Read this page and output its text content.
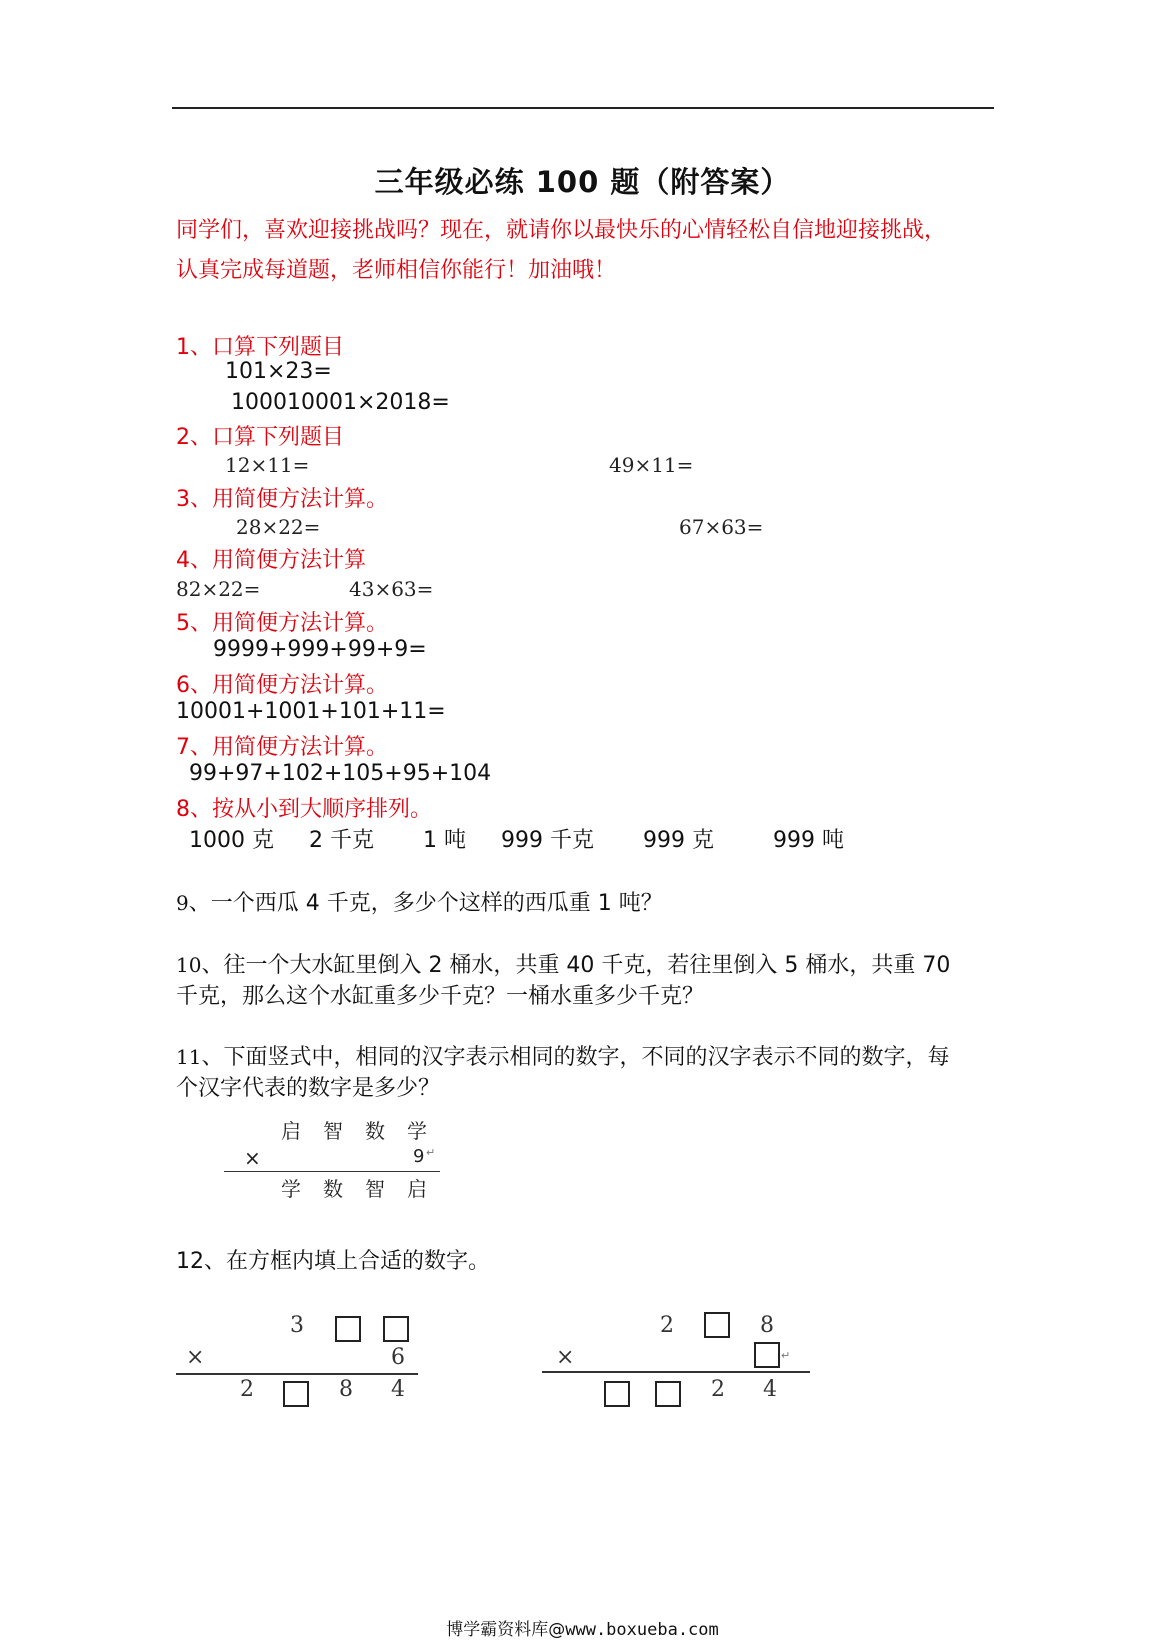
三年级必练 100 题（附答案）
同学们，喜欢迎接挑战吗？现在，就请你以最快乐的心情轻松自信地迎接挑战，
认真完成每道题，老师相信你能行！加油哦！
1、口算下列题目
101×23=
100010001×2018=
2、口算下列题目
12×11=	49×11=
3、用简便方法计算。
28×22=	67×63=
4、用简便方法计算
82×22=	43×63=
5、用简便方法计算。
9999+999+99+9=
6、用简便方法计算。
10001+1001+101+11=
7、用简便方法计算。
99+97+102+105+95+104
8、按从小到大顺序排列。
1000 克 2 千克 1 吨 999 千克 999 克	999 吨
9、一个西瓜 4 千克，多少个这样的西瓜重 1 吨？
10、往一个大水缸里倒入 2 桶水，共重 40 千克，若往里倒入 5 桶水，共重 70
千克，那么这个水缸重多少千克？一桶水重多少千克？
11、下面竖式中，相同的汉字表示相同的数字，不同的汉字表示不同的数字，每
个汉字代表的数字是多少？
启 智 数 学
×	9 ↵
学 数 智 启
12、在方框内填上合适的数字。
3
×	6
2	8 4
2	8
×	↵
2 4
博学霸资料库@www.boxueba.com
